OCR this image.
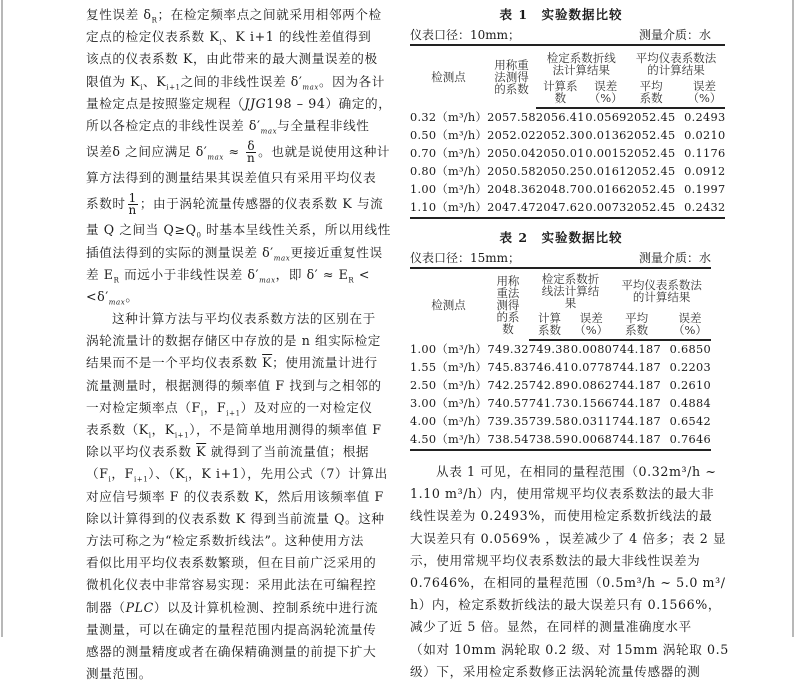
复性误差 $\delta_R$；在检定频率点之间就采用相邻两个检
定点的检定仪表系数 $K_i$、K i+1 的线性差值得到
该点的仪表系数 K，由此带来的最大测量误差的极
限值为 $K_i$、$K_{i+1}$之间的非线性误差 $\delta'_{max}$。因为各计
量检定点是按照鉴定规程（JJG198 – 94）确定的，
所以各检定点的非线性误差 $\delta'_{max}$与全量程非线性
误差δ 之间应满足 $\delta'_{max} \approx \frac{\delta}{n}$ 。也就是说使用这种计
算方法得到的测量结果其误差值只有采用平均仪表
系数时 $\frac{1}{n}$ ；由于涡轮流量传感器的仪表系数 K 与流
量 Q 之间当 $Q\ge Q_0$ 时基本呈线性关系，所以用线性
插值法得到的实际的测量误差 $\delta'_{max}$更接近重复性误
差 $E_R$ 而远小于非线性误差 $\delta'_{max}$，即 $\delta' \approx E_R$ <
$<\delta'_{max}$。
这种计算方法与平均仪表系数方法的区别在于
涡轮流量计的数据存储区中存放的是 n 组实际检定
结果而不是一个平均仪表系数 $\overline{K}$；使用流量计进行
流量测量时，根据测得的频率值 F 找到与之相邻的
一对检定频率点（$F_i$，$F_{i+1}$）及对应的一对检定仪
表系数（$K_i$，$K_{i+1}$），不是简单地用测得的频率值 F
除以平均仪表系数 $\overline{K}$ 就得到了当前流量值；根据
（$F_i$，$F_{i+1}$）、（$K_i$，K i+1），先用公式（7）计算出
对应信号频率 F 的仪表系数 K，然后用该频率值 F
除以计算得到的仪表系数 K 得到当前流量 Q。这种
方法可称之为“检定系数折线法”。这种使用方法
看似比用平均仪表系数繁琐，但在目前广泛采用的
微机化仪表中非常容易实现：采用此法在可编程控
制器（PLC）以及计算机检测、控制系统中进行流
量测量，可以在确定的量程范围内提高涡轮流量传
感器的测量精度或者在确保精确测量的前提下扩大
测量范围。
表 1　实验数据比较
仪表口径：10mm；	测量介质：水
检测点	用称重法测得的系数	检定系数折线法计算结果		平均仪表系数法的计算结果	
		计算系数	误差（%）	平均系数	误差（%）
0.32（m³/h）	2057.58	2056.41	0.0569	2052.45	0.2493
0.50（m³/h）	2052.02	2052.30	0.0136	2052.45	0.0210
0.70（m³/h）	2050.04	2050.01	0.0015	2052.45	0.1176
0.80（m³/h）	2050.58	2050.25	0.0161	2052.45	0.0912
1.00（m³/h）	2048.36	2048.70	0.0166	2052.45	0.1997
1.10（m³/h）	2047.47	2047.62	0.0073	2052.45	0.2432
表 2　实验数据比较
仪表口径：15mm；	测量介质：水
检测点	用称重法测得的系数	检定系数折线法计算结果		平均仪表系数法的计算结果	
		计算系数	误差（%）	平均系数	误差（%）
1.00（m³/h）	749.32	749.38	0.0080	744.187	0.6850
1.55（m³/h）	745.83	746.41	0.0778	744.187	0.2203
2.50（m³/h）	742.25	742.89	0.0862	744.187	0.2610
3.00（m³/h）	740.57	741.73	0.1566	744.187	0.4884
4.00（m³/h）	739.35	739.58	0.0311	744.187	0.6542
4.50（m³/h）	738.54	738.59	0.0068	744.187	0.7646
从表 1 可见，在相同的量程范围（0.32m³/h ~
1.10 m³/h）内，使用常规平均仪表系数法的最大非
线性误差为 0.2493%，而使用检定系数折线法的最
大误差只有 0.0569% ，误差减少了 4 倍多；表 2 显
示，使用常规平均仪表系数法的最大非线性误差为
0.7646%，在相同的量程范围（0.5m³/h ~ 5.0 m³/
h）内，检定系数折线法的最大误差只有 0.1566%，
减少了近 5 倍。显然，在同样的测量准确度水平
（如对 10mm 涡轮取 0.2 级、对 15mm 涡轮取 0.5
级）下，采用检定系数修正法涡轮流量传感器的测
